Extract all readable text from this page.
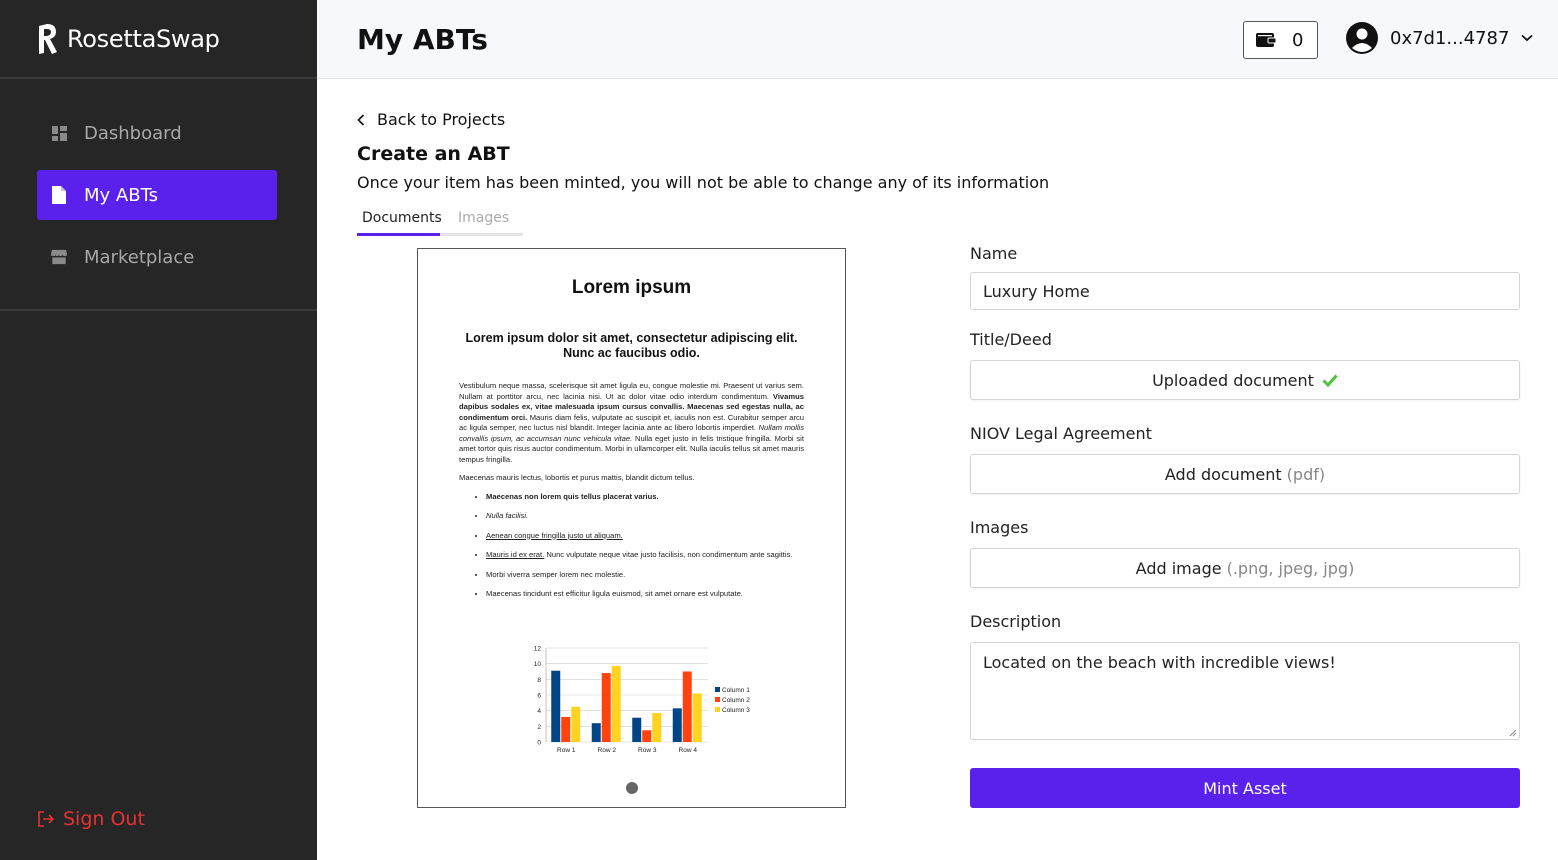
RosettaSwap
Dashboard
My ABTs
Marketplace
Sign Out
My ABTs	0	0x7d1...4787
Back to Projects
Create an ABT

Once your item has been minted, you will not be able to change any of its information

Documents	Images
Lorem ipsum
Lorem ipsum dolor sit amet, consectetur adipiscing elit. Nunc ac faucibus odio.
Vestibulum neque massa, scelerisque sit amet ligula eu, congue molestie mi. Praesent ut varius sem. Nullam at porttitor arcu, nec lacinia nisi. Ut ac dolor vitae odio interdum condimentum. Vivamus dapibus sodales ex, vitae malesuada ipsum cursus convallis. Maecenas sed egestas nulla, ac condimentum orci. Mauris diam felis, vulputate ac suscipit et, iaculis non est. Curabitur semper arcu ac ligula semper, nec luctus nisl blandit. Integer lacinia ante ac libero lobortis imperdiet. Nullam mollis convallis ipsum, ac accumsan nunc vehicula vitae. Nulla eget justo in felis tristique fringilla. Morbi sit amet tortor quis risus auctor condimentum. Morbi in ullamcorper elit. Nulla iaculis tellus sit amet mauris tempus fringilla.
Maecenas mauris lectus, lobortis et purus mattis, blandit dictum tellus.
• Maecenas non lorem quis tellus placerat varius.
• Nulla facilisi.
• Aenean congue fringilla justo ut aliquam.
• Mauris id ex erat. Nunc vulputate neque vitae justo facilisis, non condimentum ante sagittis.
• Morbi viverra semper lorem nec molestie.
• Maecenas tincidunt est efficitur ligula euismod, sit amet ornare est vulputate.
0
2
4
6
8
10
12
Row 1	Row 2	Row 3	Row 4
Column 1
Column 2
Column 3
Name
Luxury Home
Title/Deed
Uploaded document
NIOV Legal Agreement
Add document (pdf)
Images
Add image (.png, jpeg, jpg)
Description
Located on the beach with incredible views!
Mint Asset
